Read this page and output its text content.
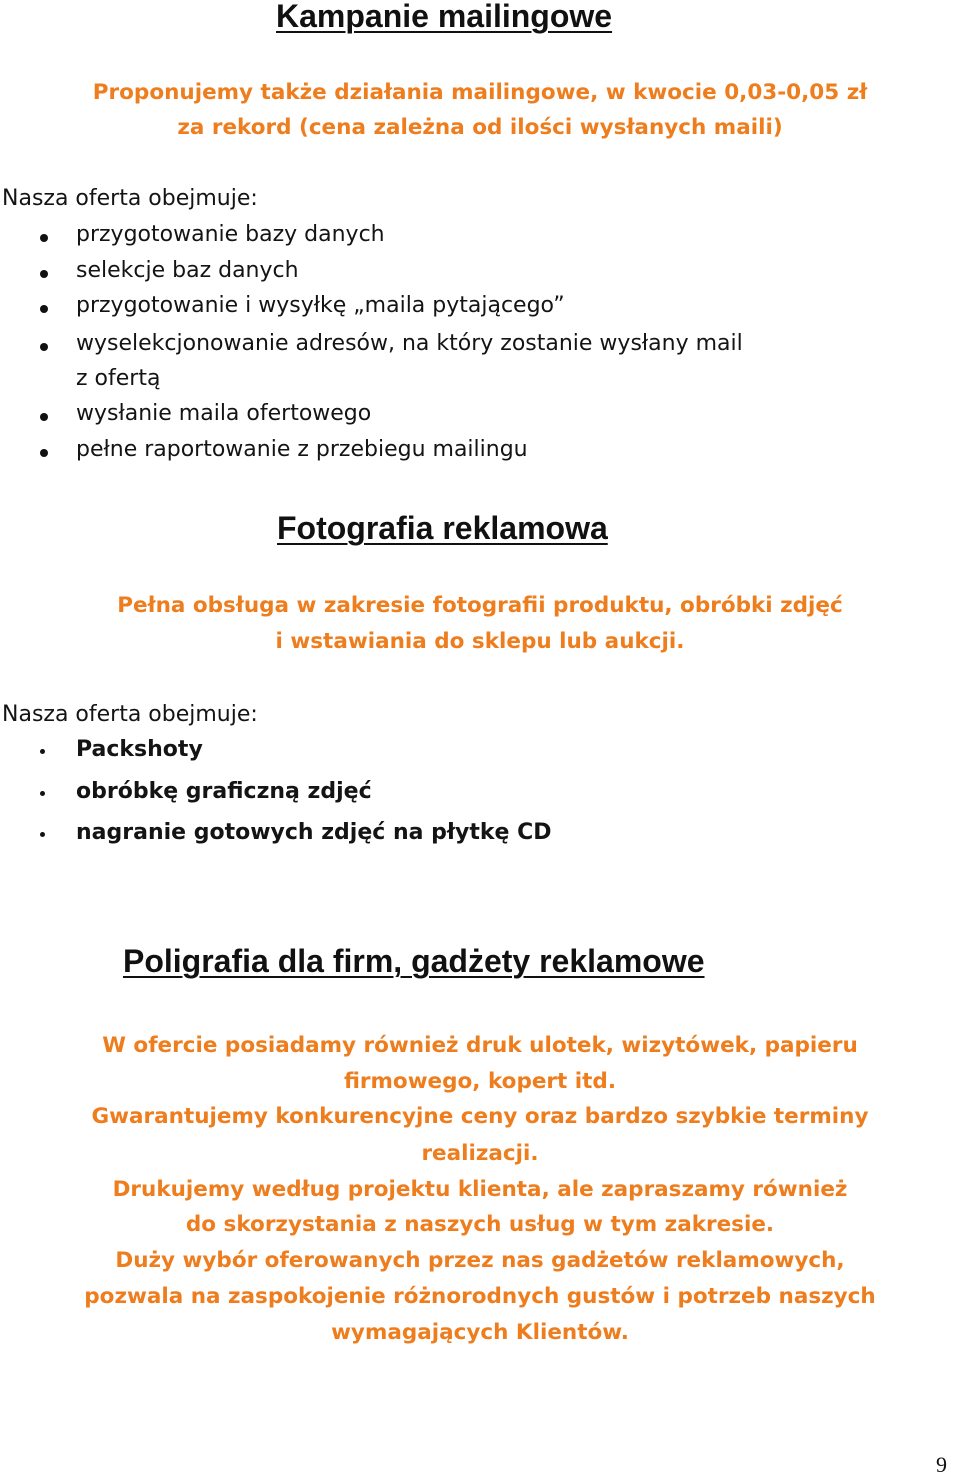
Kampanie mailingowe
Proponujemy także działania mailingowe, w kwocie 0,03-0,05 zł
za rekord (cena zależna od ilości wysłanych maili)
Nasza oferta obejmuje:
przygotowanie bazy danych
selekcje baz danych
przygotowanie i wysyłkę „maila pytającego”
wyselekcjonowanie adresów, na który zostanie wysłany mail
z ofertą
wysłanie maila ofertowego
pełne raportowanie z przebiegu mailingu
Fotografia reklamowa
Pełna obsługa w zakresie fotografii produktu, obróbki zdjęć
i wstawiania do sklepu lub aukcji.
Nasza oferta obejmuje:
Packshoty
obróbkę graficzną zdjęć
nagranie gotowych zdjęć na płytkę CD
Poligrafia dla firm, gadżety reklamowe
W ofercie posiadamy również druk ulotek, wizytówek, papieru
firmowego, kopert itd.
Gwarantujemy konkurencyjne ceny oraz bardzo szybkie terminy
realizacji.
Drukujemy według projektu klienta, ale zapraszamy również
do skorzystania z naszych usług w tym zakresie.
Duży wybór oferowanych przez nas gadżetów reklamowych,
pozwala na zaspokojenie różnorodnych gustów i potrzeb naszych
wymagających Klientów.
9
